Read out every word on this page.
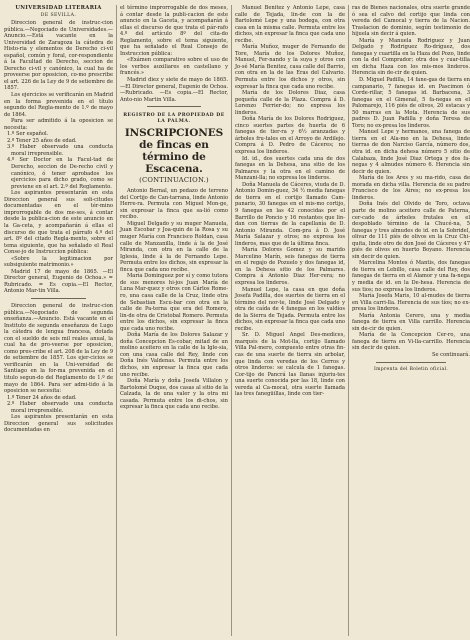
UNIVERSIDAD LITERARIA

DE SEVILLA.

Direccion general de instruc-cion pública.—Negociado de Universidades.—Anuncio.—Está vacante en la Universidad de Zaragoza la cátedra de Histo-ria y elementos de Derecho ci-vil español, común y foral, cor-respondiente á la Facultad de Derecho, seccion de Derecho ci-vil y canónico, la cual ha de proveerse por oposicion, co-mo prescribe el art. 226 de la Ley de 9 de setiembre de 1857.

Los ejercicios se verificarán en Madrid en la forma prevenida en el título segundo del Regla-mento de 1.º de mayo de 1864.

Para ser admitido á la oposicion se necesita:

1.º Ser español.

2.º Tener 25 años de edad.

3.º Haber observado una conducta moral irreprensible.

4.º Ser Doctor en la Facul-tad de Derecho, seccion de De-recho civil y canónico, ó tener aprobados los ejercicios para dicho grado, como se previene en el art. 2.º del Reglamento.

Los aspirantes presentarán en esta Direccion general sus soli-citudes documentadas en el tér-mino improrrogable de dos me-ses, á contar desde la publica-cion de este anuncio en la Ga-ceta, y acompañarán á ellas el discurso de que trata el párrafo 4.º del art. 8º del citado Regla-mento, sobre el tema siguiente, que ha señalado el Real Conse-jo de Instruccion pública:

«Sobre la legitimacion por subsiguiente matrimonio.»

Madrid 17 de mayo de 1865. —El Director general, Eugenio de Ochoa.» = Rubricado. = Es copia.—El Rector, Antonio Mar-tin Villa.

Direccion general de instruc-cion pública.—Negociado de segunda enseñanza.—Anuncio. Está vacante en el Instituto de segunda enseñanza de Lugo la cátedra de lengua francesa, dotada con el sueldo de seis mil reales anual, la cual ha de pro-veerse por oposicion, como pres-cribe el art. 208 de la Ley de 9 de setiembre de 1857. Los ejer-cicios se verificarán en la Uni-versidad de Santiago en la for-ma prevenida en el titulo segun-do del Reglamento de 1.º de mayo de 1864. Para ser admi-tido á la oposicion se necesita:

1.º Tener 24 años de edad.

2.º Haber observado una conducta moral irreprensible.

Los aspirantes presentarán en esta Direccion general sus solicitudes documentadas en

el término improrrogable de dos meses, á contar desde la publi-cacion de este anuncio en la Gaceta, y acompañarán á ellas el discurso de que trata el pár-rafo 4.º del artículo 8º del cita-do Reglamento, sobre el tema siguiente, que ha señalado el Real Consejo de Instruccion pública:

«Exámen comparativo sobre el uso de los verbos auxiliares en castellano y francés.»

Madrid diez y siete de mayo de 1865.—El Director general, Eugenio de Ochoa.—Rubricado. —Es copia.—El Rector, Anto-nio Martin Villa.

REGISTRO DE LA PROPIEDAD DE LA PALMA.

INSCRIPCIONES de fincas en término de Escacena.

(CONTINUACION.)

Antonio Bernal, un pedazo de terreno del Cortijo de Can-tarrana, linde Antonio Herre-ra. Permuta con Miguel Mon-ge, sin expresar la finca que sa-lió como recibo.

Miguel Delgado y su muger Manuela, Juan Escobar y Joa-quin de la Rosa y su muger María con Francisco Roldan, casa calle de Manzanilla, linde á la de José Miranda, con otra en la calle de la Iglesia, linde á la de Fernando Lepe. Permuta entre los dichos, sin expresar la finca que cada uno recibe.

María Dominguez por sí y como tutora de sus menores hi-jos Juan María de Luna Mar-quez y otros con Cárlos Rome-ro, una casa calle de la Cruz, linde otra de Sebastian Escu-bar con otra en la calle de Pa-terna que era del Romero, lin-de otra de Cristobal Romero. Permuta entre los dichos, sin expresar la finca que cada uno recibe.

Doña María de los Dolores Salazar y doña Concepcion Es-cobar, mitad de un molino aceitero en la calle de la Igle-sia, con una casa calle del Rey, linde con Doña Inés Valdenas. Permuta entre los dichos, sin expresar la finca que cada uno recibe.

Doña María y doña Josefa Villalon y Bartolomé Duque, dos casas al sitio de la Calzada, la de una valer y la otra mi casada. Permuta entre los di-chos, sin expresar la finca que cada uno recibe.

Manuel Benitez y Antonio Lepe, casa calle de Tejada, lin-de con la de Bartolomé Lepe y una bodega, con otra casa en la misma calle. Permuta entre los dichos, sin expresar la finca que cada uno recibe.

María Muñoz, muger de Fernando de Tore, María de los Dolores Muñoz, Manuel, Fer-nando y la suya y otros con Jo-sé María Benitez, casa calle del Barrio, con otra en la de las Eras del Calvario. Permuta entre los dichos y otros, sin expresar la finca que cada uno recibe.

María de los Dolores Diaz, casa pequeña calle de la Plaza. Compra á D. Lorenzo Ferrier-do; no expresa los linderos.

Doña María de los Dolores Rodriguez, cinco suertes partes de huerta de 6 fanegas de tier-ra y 6½ aranzadas y árboles fru-tales en el Arroyo de Ardilejo. Compra á D. Pedro de Cáceres; no expresa los linderos.

Id. id., dos suertes cada una de dos fanegas en la Dehesa, una sitio de los Palmares y la otra en el camino de Manzani-lla; no expresa los linderos.

Doña Manuela de Cáceres, viuda de D. Antonio Domin-guez, 34 ½ media fanegas de tierra en el cortijo llamado Cam-panario, 30 fanegas en el mis-mo cortijo, 9 fanegas en las 42 conocidas por el Barrillo de Poncio y 16 restantes que lin-dan con tierras de la capellanía de D. Antonio Miranda. Com-pra á D. José María Salazar y otros; no expresa los linderos, mas que de la última finca.

María Dolores Gomez y su marido Marcelino Marín, seis fanegas de tierra en el regajo de Pozuelo y dos fanegas id, en la Dehesa sitio de los Palmares. Compra á Antonio Diaz Her-rera; no expresa los linderos.

Manuel Lepe, la casa en que doña Josefa Padilla, dos suertes de tierra en el término del nor-te, linde José Delgado y otra de caída de 4 fanegas en los valdíos de la Sierra de Tejada. Permuta entre los dichos, sin expresar la finca que cada uno recibe.

Sr. D. Miguel Angel Des-medices, marqués de la Mot-lla, cortijo llamado Villa Pal-mero, compuesto entre otras fin-cas de una suerte de tierra sin arbolar, que linda con veredas de los Cerros y otros linderos: se calcula de 1 fanegas. Cor-tijo de Pancrá las llanas injuriu-tes una suerte conocida por las 18, linde con vereda al Ca-mocal, otra suerte llamada las tres fanegüillas, linde con tier-

ras de Bienes nacionales, otra suerte grande ó sea el calvo del cortijo que linda con vereda del Camocal y tierra de la Nacion. Traslacion de dominio, según testimonio de hijuela sin decir á quien.

María y Manuela Rodriguez y Juan Delgado y Rodriguez Ro-dríguez, dos fanegas y cuartilla en la Haza del Pozo, linde con la del Comprador; otra dos y cuar-tilla en dicha Haza con los mis-mos linderos. Herencia sin de-cir de quien.

D. Miguel Padilla, 14 fane-gas de tierra en campanario, 7 fanegas id. en Pascimon ó Corde-rillar, 5 fanegas id. Barbacena, 3 fanegas en el Gimenal, 5 fa-negas en el Palomarejo, 116 piés de olivos, 20 estacas y 50 marras en la Mota. Herencia de sus padres D. Juan Padilla y doña Teresa de Toro; no ex-presa los linderos.

Manuel Lepe y hermanos, una fanega de tierra en el Ala-mo en la Dehesa, linde tierras de don Narciso García, número dos, otra id. en dicha dehesa número 5 sitio de Calabaza, linde José Diaz Ortega y dos fa-negas y 4 almudes número 6. Herencia sin decir de quien.

María de los Ares y su ma-rido, casa de morada en dicha villa. Herencia de su padre Francisco de los Aires; no ex-presa los linderos.

Doña Inés del Olvido de Toro, octava parte de molino aceitero calle de Paterna, cer-cado de árboles frutales en el despoblado término de la Chucé-na, 5 fanegas y tres almudes de id. en la Sobridel, olivar de 111 piés de olivos en la Cruz Chi-quita, linde otro de don José de Cáceres y 47 piés de olivos en huerto Boyano. Herencia sin decir de quien.

Marcelina Montes ó Mantis, dos fanegas de tierra en Lebillo, casa calle del Rey, dos fanegas de tierra en el Alamor y una fa-nega y media de id. en la De-hesa. Herencia de sus tios; no expresa los linderos.

María Josefa Maris, 10 al-mudes de tierra en Villa carri-lla. Herencia de sus tíos; no ex-presa los linderos.

María Antonia Cerero, una y media fanega de tierra en Villa carrillo. Herencia sin de-cir de quien.

María de la Concepcion Cer-ro, una fanega de tierra en Vi-lla-carrillo. Herencia sin decir de quien.

Se continuará.

Imprenta del Boletin oficial.
